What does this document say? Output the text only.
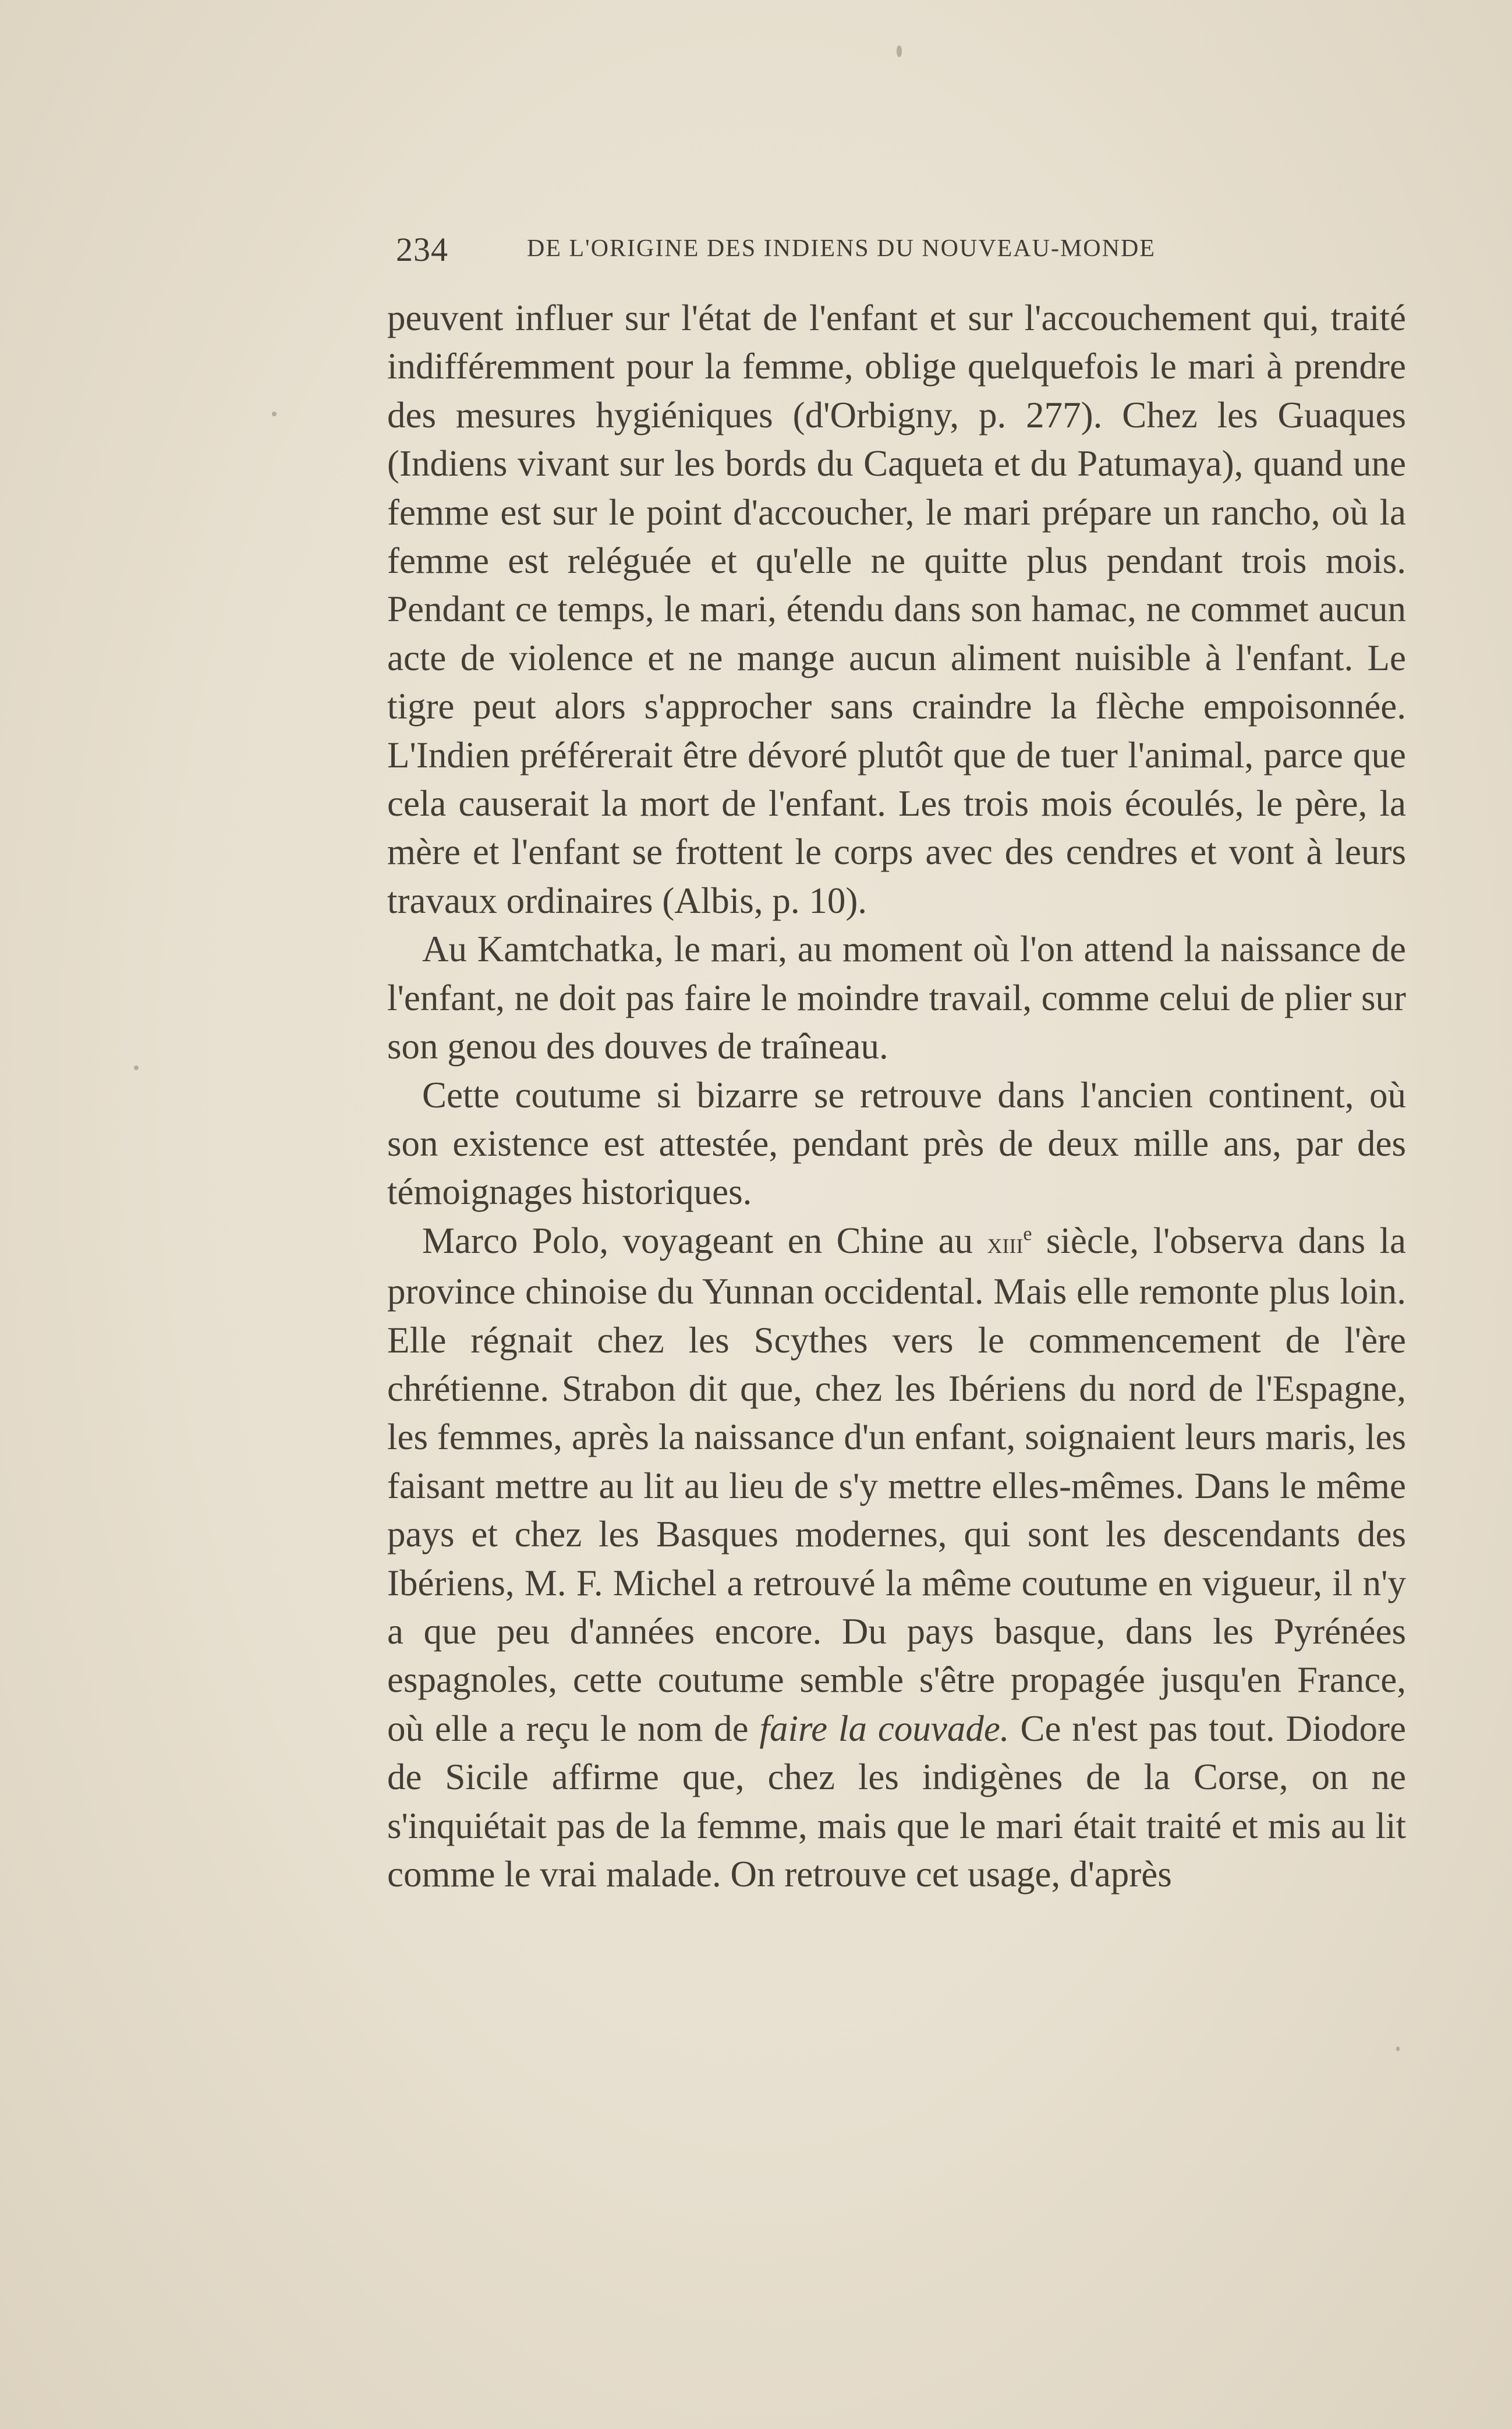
234	DE L'ORIGINE DES INDIENS DU NOUVEAU-MONDE

peuvent influer sur l'état de l'enfant et sur l'accouchement qui, traité indifféremment pour la femme, oblige quelquefois le mari à prendre des mesures hygiéniques (d'Orbigny, p. 277). Chez les Guaques (Indiens vivant sur les bords du Caqueta et du Patumaya), quand une femme est sur le point d'accoucher, le mari prépare un rancho, où la femme est reléguée et qu'elle ne quitte plus pendant trois mois. Pendant ce temps, le mari, étendu dans son hamac, ne commet aucun acte de violence et ne mange aucun aliment nuisible à l'enfant. Le tigre peut alors s'approcher sans craindre la flèche empoisonnée. L'Indien préférerait être dévoré plutôt que de tuer l'animal, parce que cela causerait la mort de l'enfant. Les trois mois écoulés, le père, la mère et l'enfant se frottent le corps avec des cendres et vont à leurs travaux ordinaires (Albis, p. 10).

Au Kamtchatka, le mari, au moment où l'on attend la naissance de l'enfant, ne doit pas faire le moindre travail, comme celui de plier sur son genou des douves de traîneau.

Cette coutume si bizarre se retrouve dans l'ancien continent, où son existence est attestée, pendant près de deux mille ans, par des témoignages historiques.

Marco Polo, voyageant en Chine au xiii$^e$ siècle, l'observa dans la province chinoise du Yunnan occidental. Mais elle remonte plus loin. Elle régnait chez les Scythes vers le commencement de l'ère chrétienne. Strabon dit que, chez les Ibériens du nord de l'Espagne, les femmes, après la naissance d'un enfant, soignaient leurs maris, les faisant mettre au lit au lieu de s'y mettre elles-mêmes. Dans le même pays et chez les Basques modernes, qui sont les descendants des Ibériens, M. F. Michel a retrouvé la même coutume en vigueur, il n'y a que peu d'années encore. Du pays basque, dans les Pyrénées espagnoles, cette coutume semble s'être propagée jusqu'en France, où elle a reçu le nom de faire la couvade. Ce n'est pas tout. Diodore de Sicile affirme que, chez les indigènes de la Corse, on ne s'inquiétait pas de la femme, mais que le mari était traité et mis au lit comme le vrai malade. On retrouve cet usage, d'après
